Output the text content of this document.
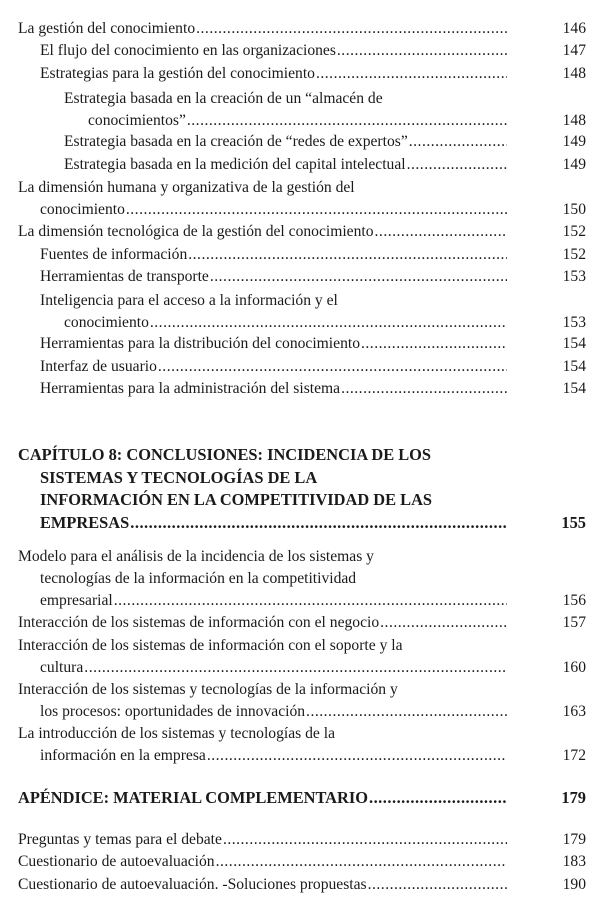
La gestión del conocimiento .....	146
El flujo del conocimiento en las organizaciones .....	147
Estrategias para la gestión del conocimiento .....	148
Estrategia basada en la creación de un “almacén de
conocimientos” .....	148
Estrategia basada en la creación de “redes de expertos” .....	149
Estrategia basada en la medición del capital intelectual .....	149
La dimensión humana y organizativa de la gestión del
conocimiento .....	150
La dimensión tecnológica de la gestión del conocimiento .....	152
Fuentes de información .....	152
Herramientas de transporte .....	153
Inteligencia para el acceso a la información y el
conocimiento .....	153
Herramientas para la distribución del conocimiento .....	154
Interfaz de usuario .....	154
Herramientas para la administración del sistema .....	154
CAPÍTULO 8: CONCLUSIONES: INCIDENCIA DE LOS
SISTEMAS Y TECNOLOGÍAS DE LA
INFORMACIÓN EN LA COMPETITIVIDAD DE LAS
EMPRESAS .....	155
Modelo para el análisis de la incidencia de los sistemas y
tecnologías de la información en la competitividad
empresarial .....	156
Interacción de los sistemas de información con el negocio .....	157
Interacción de los sistemas de información con el soporte y la
cultura .....	160
Interacción de los sistemas y tecnologías de la información y
los procesos: oportunidades de innovación .....	163
La introducción de los sistemas y tecnologías de la
información en la empresa .....	172
APÉNDICE: MATERIAL COMPLEMENTARIO .....	179
Preguntas y temas para el debate .....	179
Cuestionario de autoevaluación .....	183
Cuestionario de autoevaluación. -Soluciones propuestas .....	190
